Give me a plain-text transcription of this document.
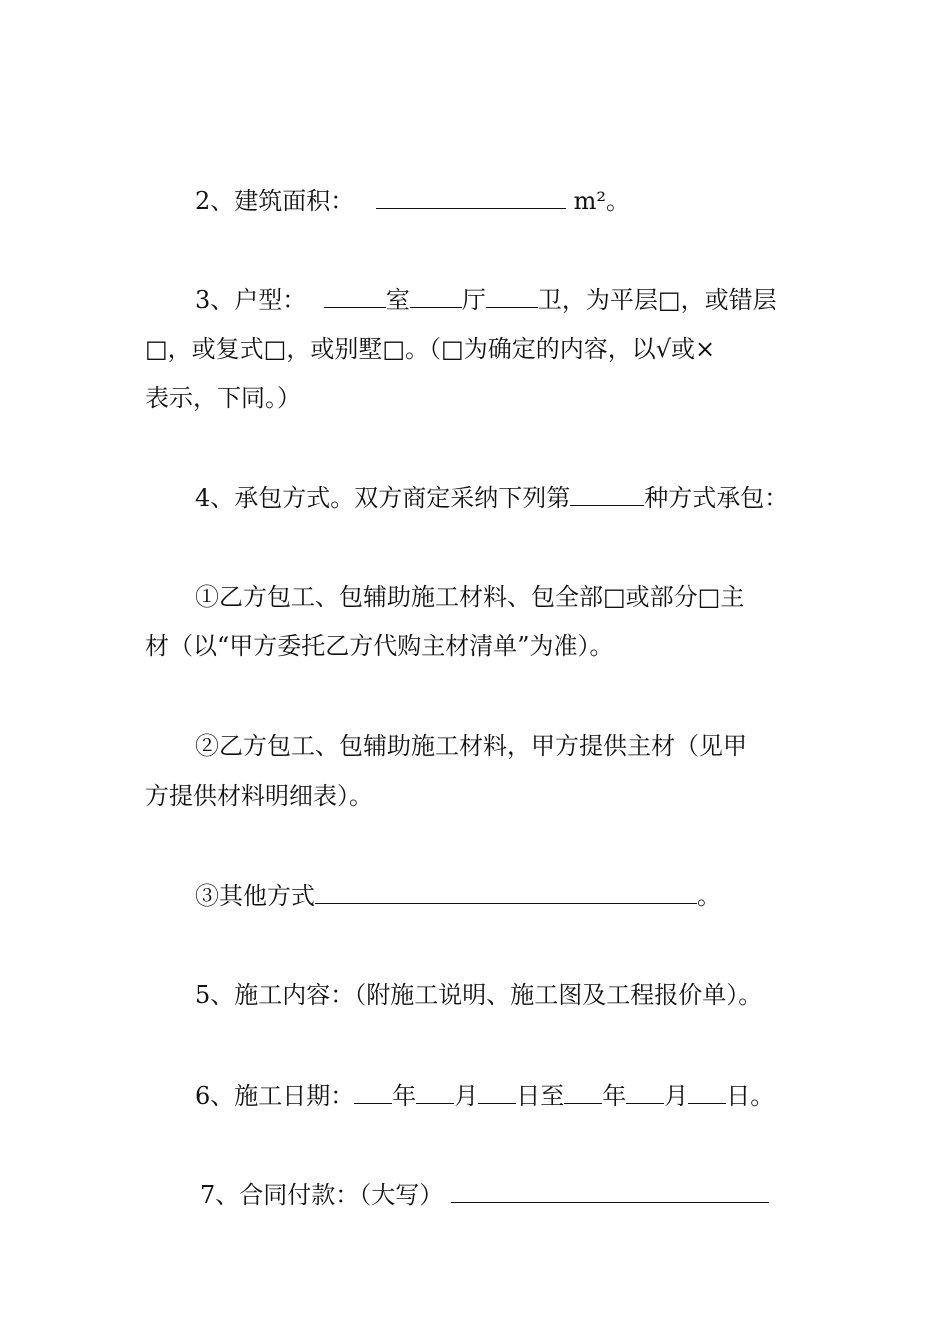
2、建筑面积：	m²。
3、户型：	室 厅 卫，为平层□，或错层
□，或复式□，或别墅□。（□为确定的内容，以√或×
表示，下同。）
4、承包方式。双方商定采纳下列第	种方式承包：
①乙方包工、包辅助施工材料、包全部□或部分□主
材（以“甲方委托乙方代购主材清单”为准）。
②乙方包工、包辅助施工材料，甲方提供主材（见甲
方提供材料明细表）。
③其他方式	。
5、施工内容：（附施工说明、施工图及工程报价单）。
6、施工日期： 年 月 日至 年 月 日。
7、合同付款：（大写）
